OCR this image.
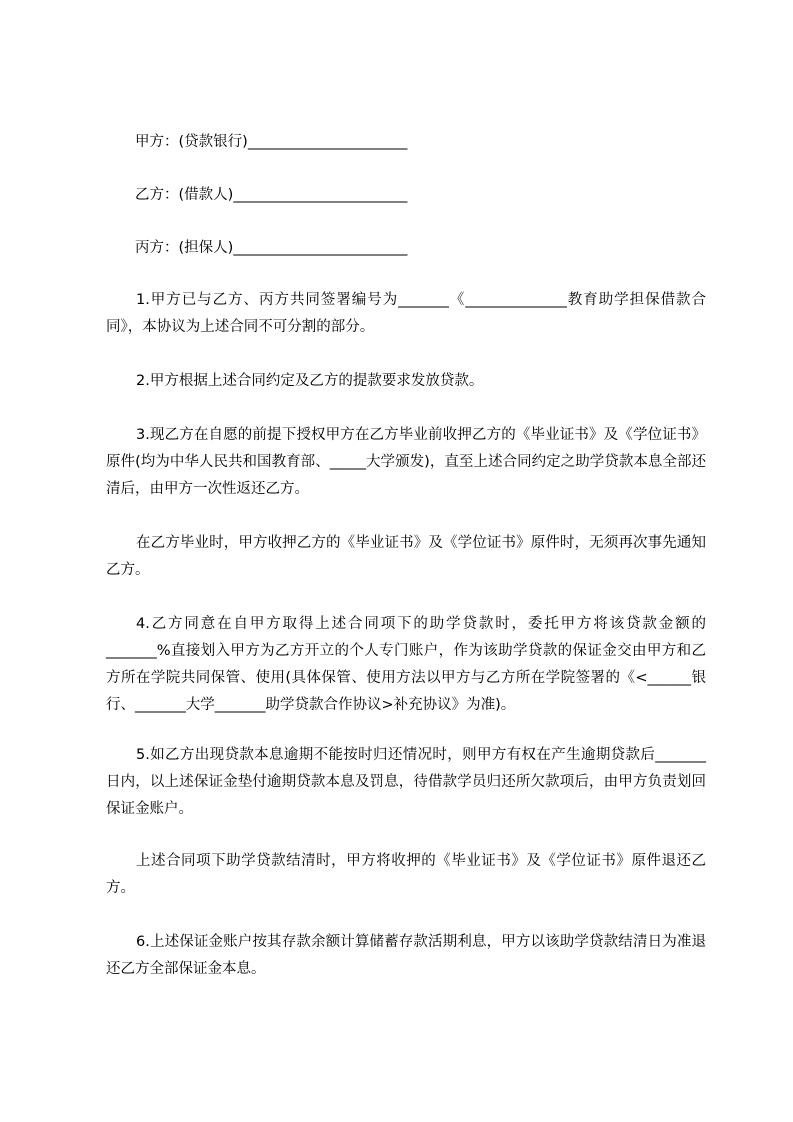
甲方：(贷款银行)______________________
乙方：(借款人)________________________
丙方：(担保人)________________________

1.甲方已与乙方、丙方共同签署编号为_______《______________教育助学担保借款合同》，本协议为上述合同不可分割的部分。

2.甲方根据上述合同约定及乙方的提款要求发放贷款。

3.现乙方在自愿的前提下授权甲方在乙方毕业前收押乙方的《毕业证书》及《学位证书》原件(均为中华人民共和国教育部、_____大学颁发)，直至上述合同约定之助学贷款本息全部还清后，由甲方一次性返还乙方。

在乙方毕业时，甲方收押乙方的《毕业证书》及《学位证书》原件时，无须再次事先通知乙方。

4.乙方同意在自甲方取得上述合同项下的助学贷款时，委托甲方将该贷款金额的_______%直接划入甲方为乙方开立的个人专门账户，作为该助学贷款的保证金交由甲方和乙方所在学院共同保管、使用(具体保管、使用方法以甲方与乙方所在学院签署的《<______银行、_______大学_______助学贷款合作协议>补充协议》为准)。

5.如乙方出现贷款本息逾期不能按时归还情况时，则甲方有权在产生逾期贷款后_______日内，以上述保证金垫付逾期贷款本息及罚息，待借款学员归还所欠款项后，由甲方负责划回保证金账户。

上述合同项下助学贷款结清时，甲方将收押的《毕业证书》及《学位证书》原件退还乙方。

6.上述保证金账户按其存款余额计算储蓄存款活期利息，甲方以该助学贷款结清日为准退还乙方全部保证金本息。
